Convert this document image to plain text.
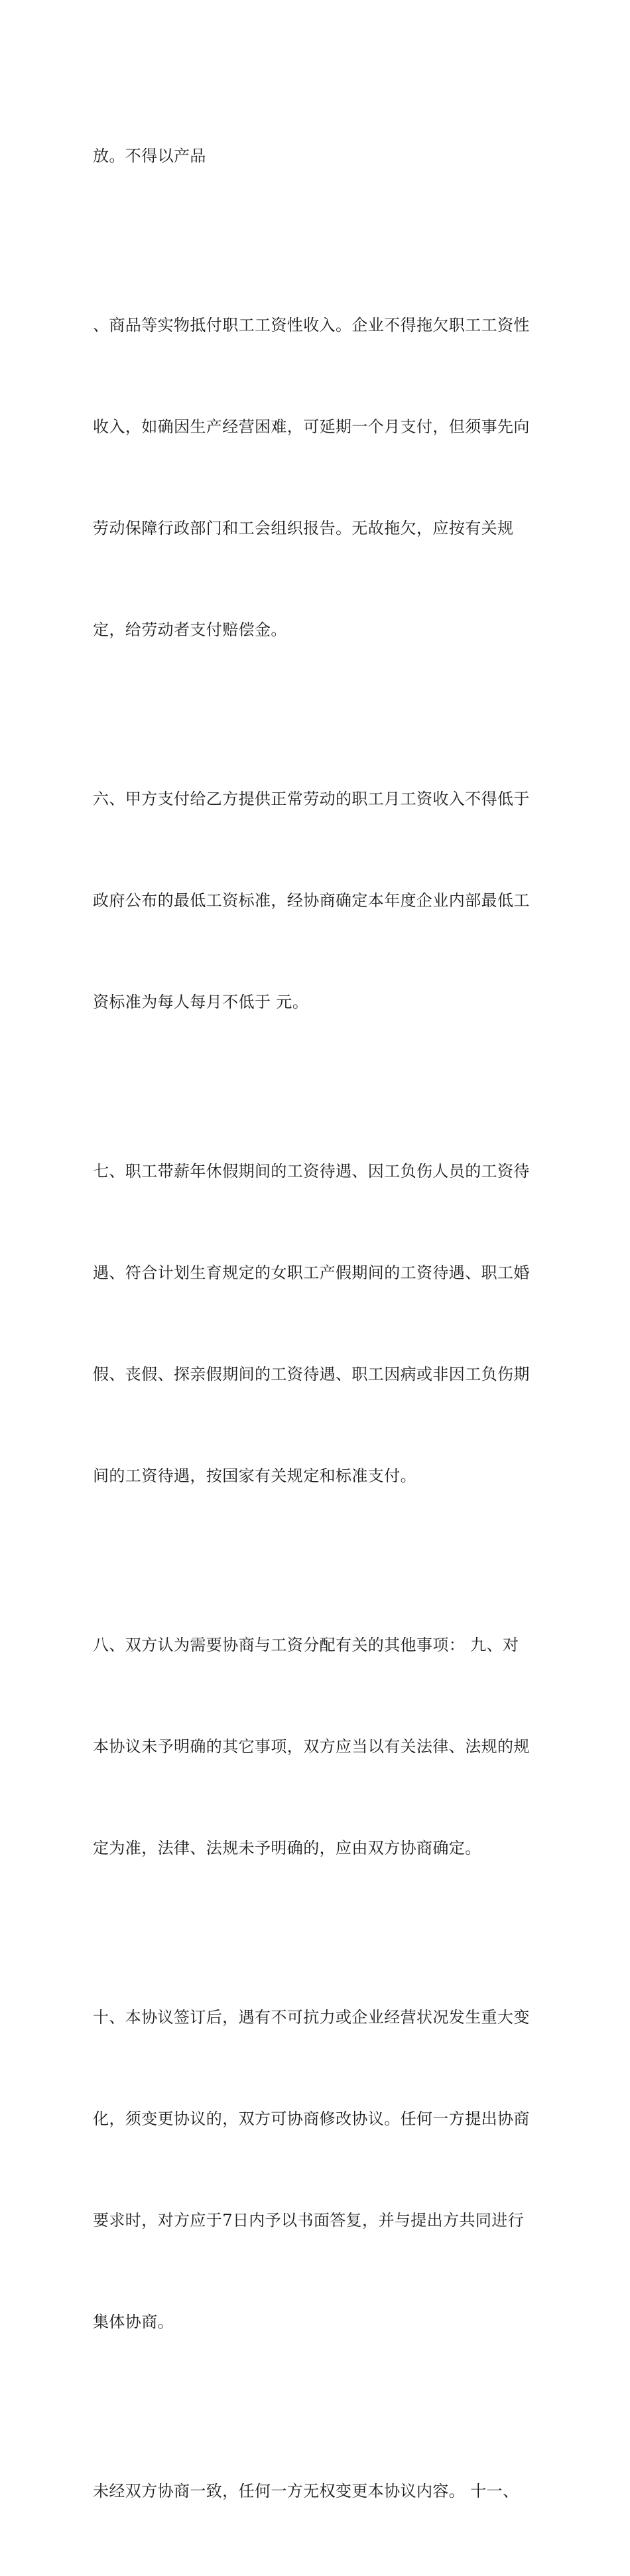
放。不得以产品

、商品等实物抵付职工工资性收入。企业不得拖欠职工工资性

收入，如确因生产经营困难，可延期一个月支付，但须事先向

劳动保障行政部门和工会组织报告。无故拖欠，应按有关规

定，给劳动者支付赔偿金。

六、甲方支付给乙方提供正常劳动的职工月工资收入不得低于

政府公布的最低工资标准，经协商确定本年度企业内部最低工

资标准为每人每月不低于 元。

七、职工带薪年休假期间的工资待遇、因工负伤人员的工资待

遇、符合计划生育规定的女职工产假期间的工资待遇、职工婚

假、丧假、探亲假期间的工资待遇、职工因病或非因工负伤期

间的工资待遇，按国家有关规定和标准支付。

八、双方认为需要协商与工资分配有关的其他事项： 九、对

本协议未予明确的其它事项，双方应当以有关法律、法规的规

定为准，法律、法规未予明确的，应由双方协商确定。

十、本协议签订后，遇有不可抗力或企业经营状况发生重大变

化，须变更协议的，双方可协商修改协议。任何一方提出协商

要求时，对方应于7日内予以书面答复，并与提出方共同进行

集体协商。

未经双方协商一致，任何一方无权变更本协议内容。 十一、
